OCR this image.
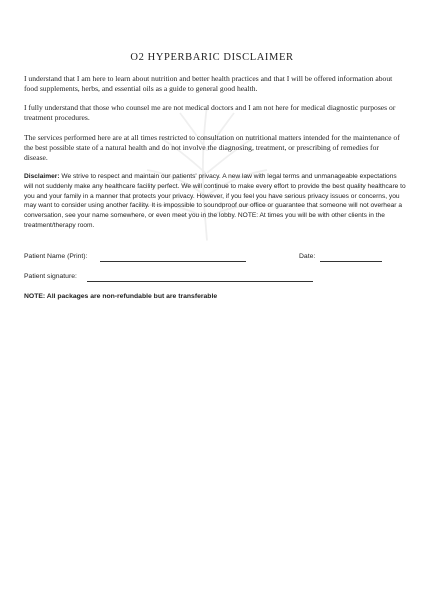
O2 HYPERBARIC DISCLAIMER
I understand that I am here to learn about nutrition and better health practices and that I will be offered information about food supplements, herbs, and essential oils as a guide to general good health.
I fully understand that those who counsel me are not medical doctors and I am not here for medical diagnostic purposes or treatment procedures.
The services performed here are at all times restricted to consultation on nutritional matters intended for the maintenance of the best possible state of a natural health and do not involve the diagnosing, treatment, or prescribing of remedies for disease.
Disclaimer: We strive to respect and maintain our patients' privacy. A new law with legal terms and unmanageable expectations will not suddenly make any healthcare facility perfect. We will continue to make every effort to provide the best quality healthcare to you and your family in a manner that protects your privacy. However, if you feel you have serious privacy issues or concerns, you may want to consider using another facility. It is impossible to soundproof our office or guarantee that someone will not overhear a conversation, see your name somewhere, or even meet you in the lobby. NOTE: At times you will be with other clients in the treatment/therapy room.
Patient Name (Print):	Date:
Patient signature:
NOTE: All packages are non-refundable but are transferable
